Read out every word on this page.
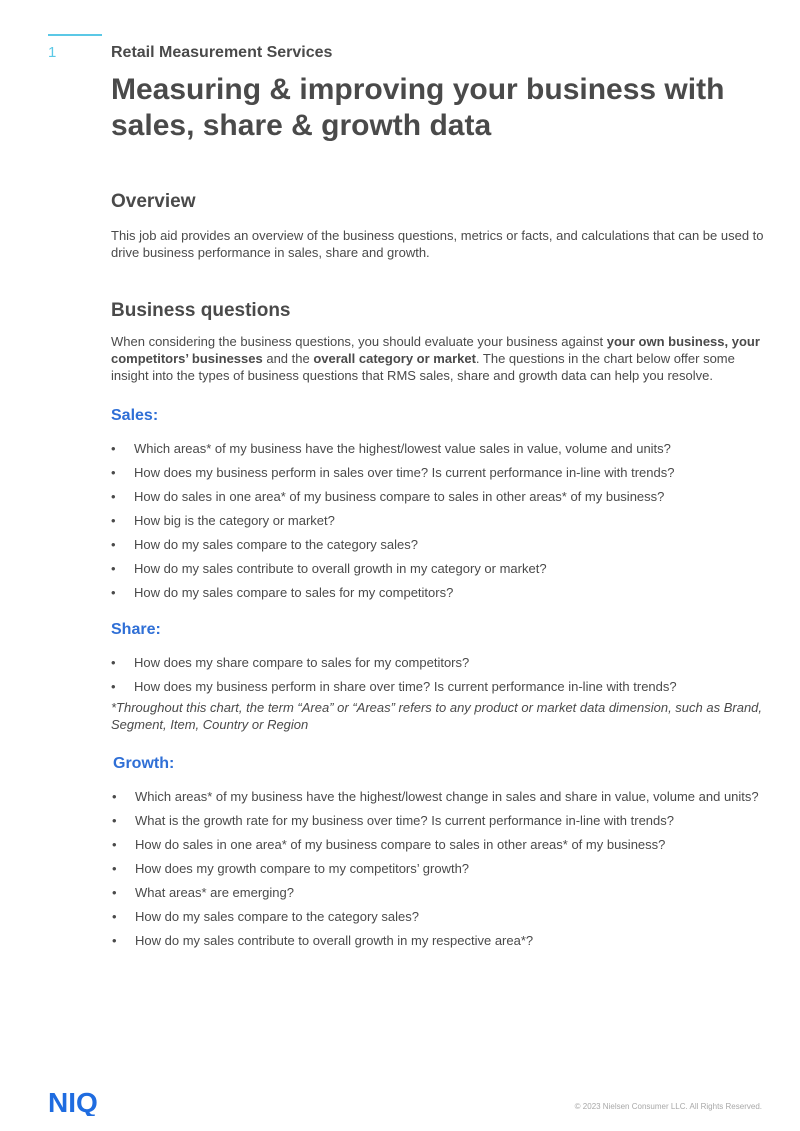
1	Retail Measurement Services

Measuring & improving your business with sales, share & growth data
Overview

This job aid provides an overview of the business questions, metrics or facts, and calculations that can be used to drive business performance in sales, share and growth.

Business questions

When considering the business questions, you should evaluate your business against your own business, your competitors’ businesses and the overall category or market. The questions in the chart below offer some insight into the types of business questions that RMS sales, share and growth data can help you resolve.

Sales:
• Which areas* of my business have the highest/lowest value sales in value, volume and units?
• How does my business perform in sales over time? Is current performance in-line with trends?
• How do sales in one area* of my business compare to sales in other areas* of my business?
• How big is the category or market?
• How do my sales compare to the category sales?
• How do my sales contribute to overall growth in my category or market?
• How do my sales compare to sales for my competitors?
Share:
• How does my share compare to sales for my competitors?
• How does my business perform in share over time? Is current performance in-line with trends?

*Throughout this chart, the term “Area” or “Areas” refers to any product or market data dimension, such as Brand, Segment, Item, Country or Region

Growth:
• Which areas* of my business have the highest/lowest change in sales and share in value, volume and units?
• What is the growth rate for my business over time? Is current performance in-line with trends?
• How do sales in one area* of my business compare to sales in other areas* of my business?
• How does my growth compare to my competitors’ growth?
• What areas* are emerging?
• How do my sales compare to the category sales?
• How do my sales contribute to overall growth in my respective area*?
NIQ	© 2023 Nielsen Consumer LLC. All Rights Reserved.
